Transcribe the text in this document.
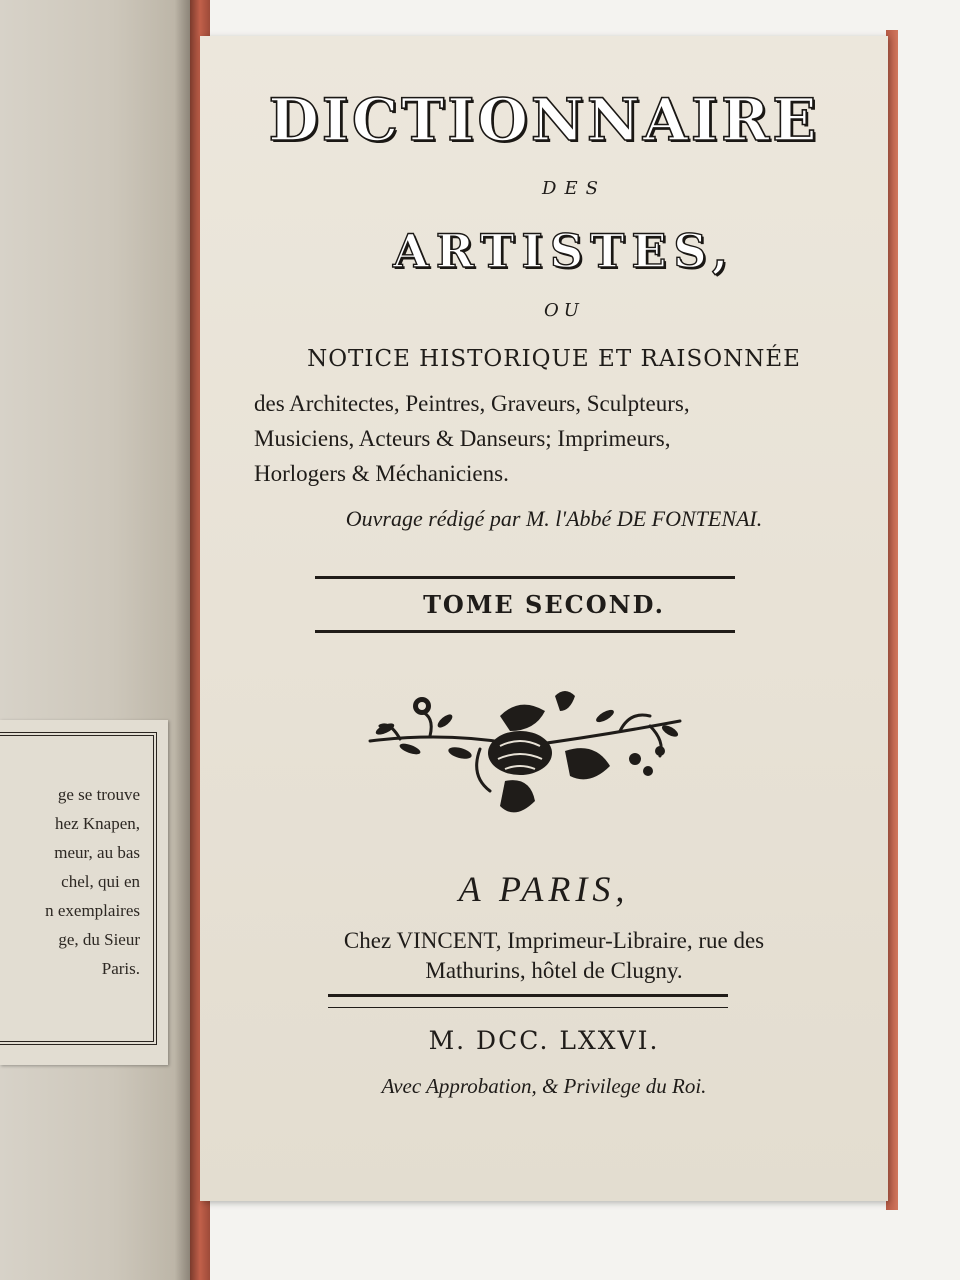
ge se trouve
hez Knapen,
meur, au bas
chel, qui en
n exemplaires
ge, du Sieur
Paris.
DICTIONNAIRE
DES
ARTISTES,
OU
NOTICE HISTORIQUE ET RAISONNÉE
des Architectes, Peintres, Graveurs, Sculpteurs,
Musiciens, Acteurs & Danseurs; Imprimeurs,
Horlogers & Méchaniciens.
Ouvrage rédigé par M. l'Abbé DE FONTENAI.
TOME SECOND.
A PARIS,
Chez VINCENT, Imprimeur-Libraire, rue des
Mathurins, hôtel de Clugny.
M. DCC. LXXVI.
Avec Approbation, & Privilege du Roi.
